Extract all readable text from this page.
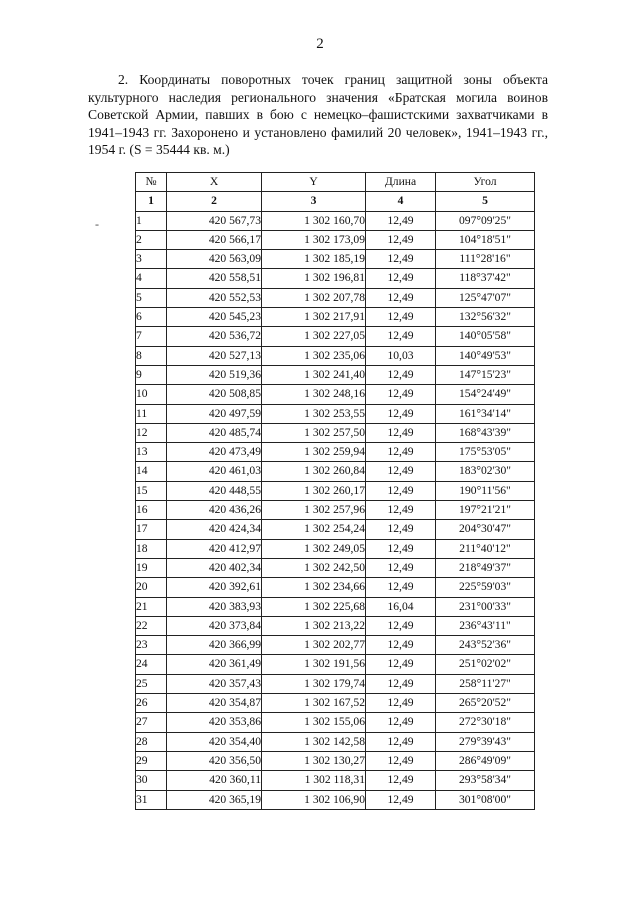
2

2. Координаты поворотных точек границ защитной зоны объекта культурного наследия регионального значения «Братская могила воинов Советской Армии, павших в бою с немецко–фашистскими захватчиками в 1941–1943 гг. Захоронено и установлено фамилий 20 человек», 1941–1943 гг., 1954 г. (S = 35444 кв. м.)

-
№	X	Y	Длина	Угол
1	2	3	4	5
1	420 567,73	1 302 160,70	12,49	097°09'25"
2	420 566,17	1 302 173,09	12,49	104°18'51"
3	420 563,09	1 302 185,19	12,49	111°28'16"
4	420 558,51	1 302 196,81	12,49	118°37'42"
5	420 552,53	1 302 207,78	12,49	125°47'07"
6	420 545,23	1 302 217,91	12,49	132°56'32"
7	420 536,72	1 302 227,05	12,49	140°05'58"
8	420 527,13	1 302 235,06	10,03	140°49'53"
9	420 519,36	1 302 241,40	12,49	147°15'23"
10	420 508,85	1 302 248,16	12,49	154°24'49"
11	420 497,59	1 302 253,55	12,49	161°34'14"
12	420 485,74	1 302 257,50	12,49	168°43'39"
13	420 473,49	1 302 259,94	12,49	175°53'05"
14	420 461,03	1 302 260,84	12,49	183°02'30"
15	420 448,55	1 302 260,17	12,49	190°11'56"
16	420 436,26	1 302 257,96	12,49	197°21'21"
17	420 424,34	1 302 254,24	12,49	204°30'47"
18	420 412,97	1 302 249,05	12,49	211°40'12"
19	420 402,34	1 302 242,50	12,49	218°49'37"
20	420 392,61	1 302 234,66	12,49	225°59'03"
21	420 383,93	1 302 225,68	16,04	231°00'33"
22	420 373,84	1 302 213,22	12,49	236°43'11"
23	420 366,99	1 302 202,77	12,49	243°52'36"
24	420 361,49	1 302 191,56	12,49	251°02'02"
25	420 357,43	1 302 179,74	12,49	258°11'27"
26	420 354,87	1 302 167,52	12,49	265°20'52"
27	420 353,86	1 302 155,06	12,49	272°30'18"
28	420 354,40	1 302 142,58	12,49	279°39'43"
29	420 356,50	1 302 130,27	12,49	286°49'09"
30	420 360,11	1 302 118,31	12,49	293°58'34"
31	420 365,19	1 302 106,90	12,49	301°08'00"
